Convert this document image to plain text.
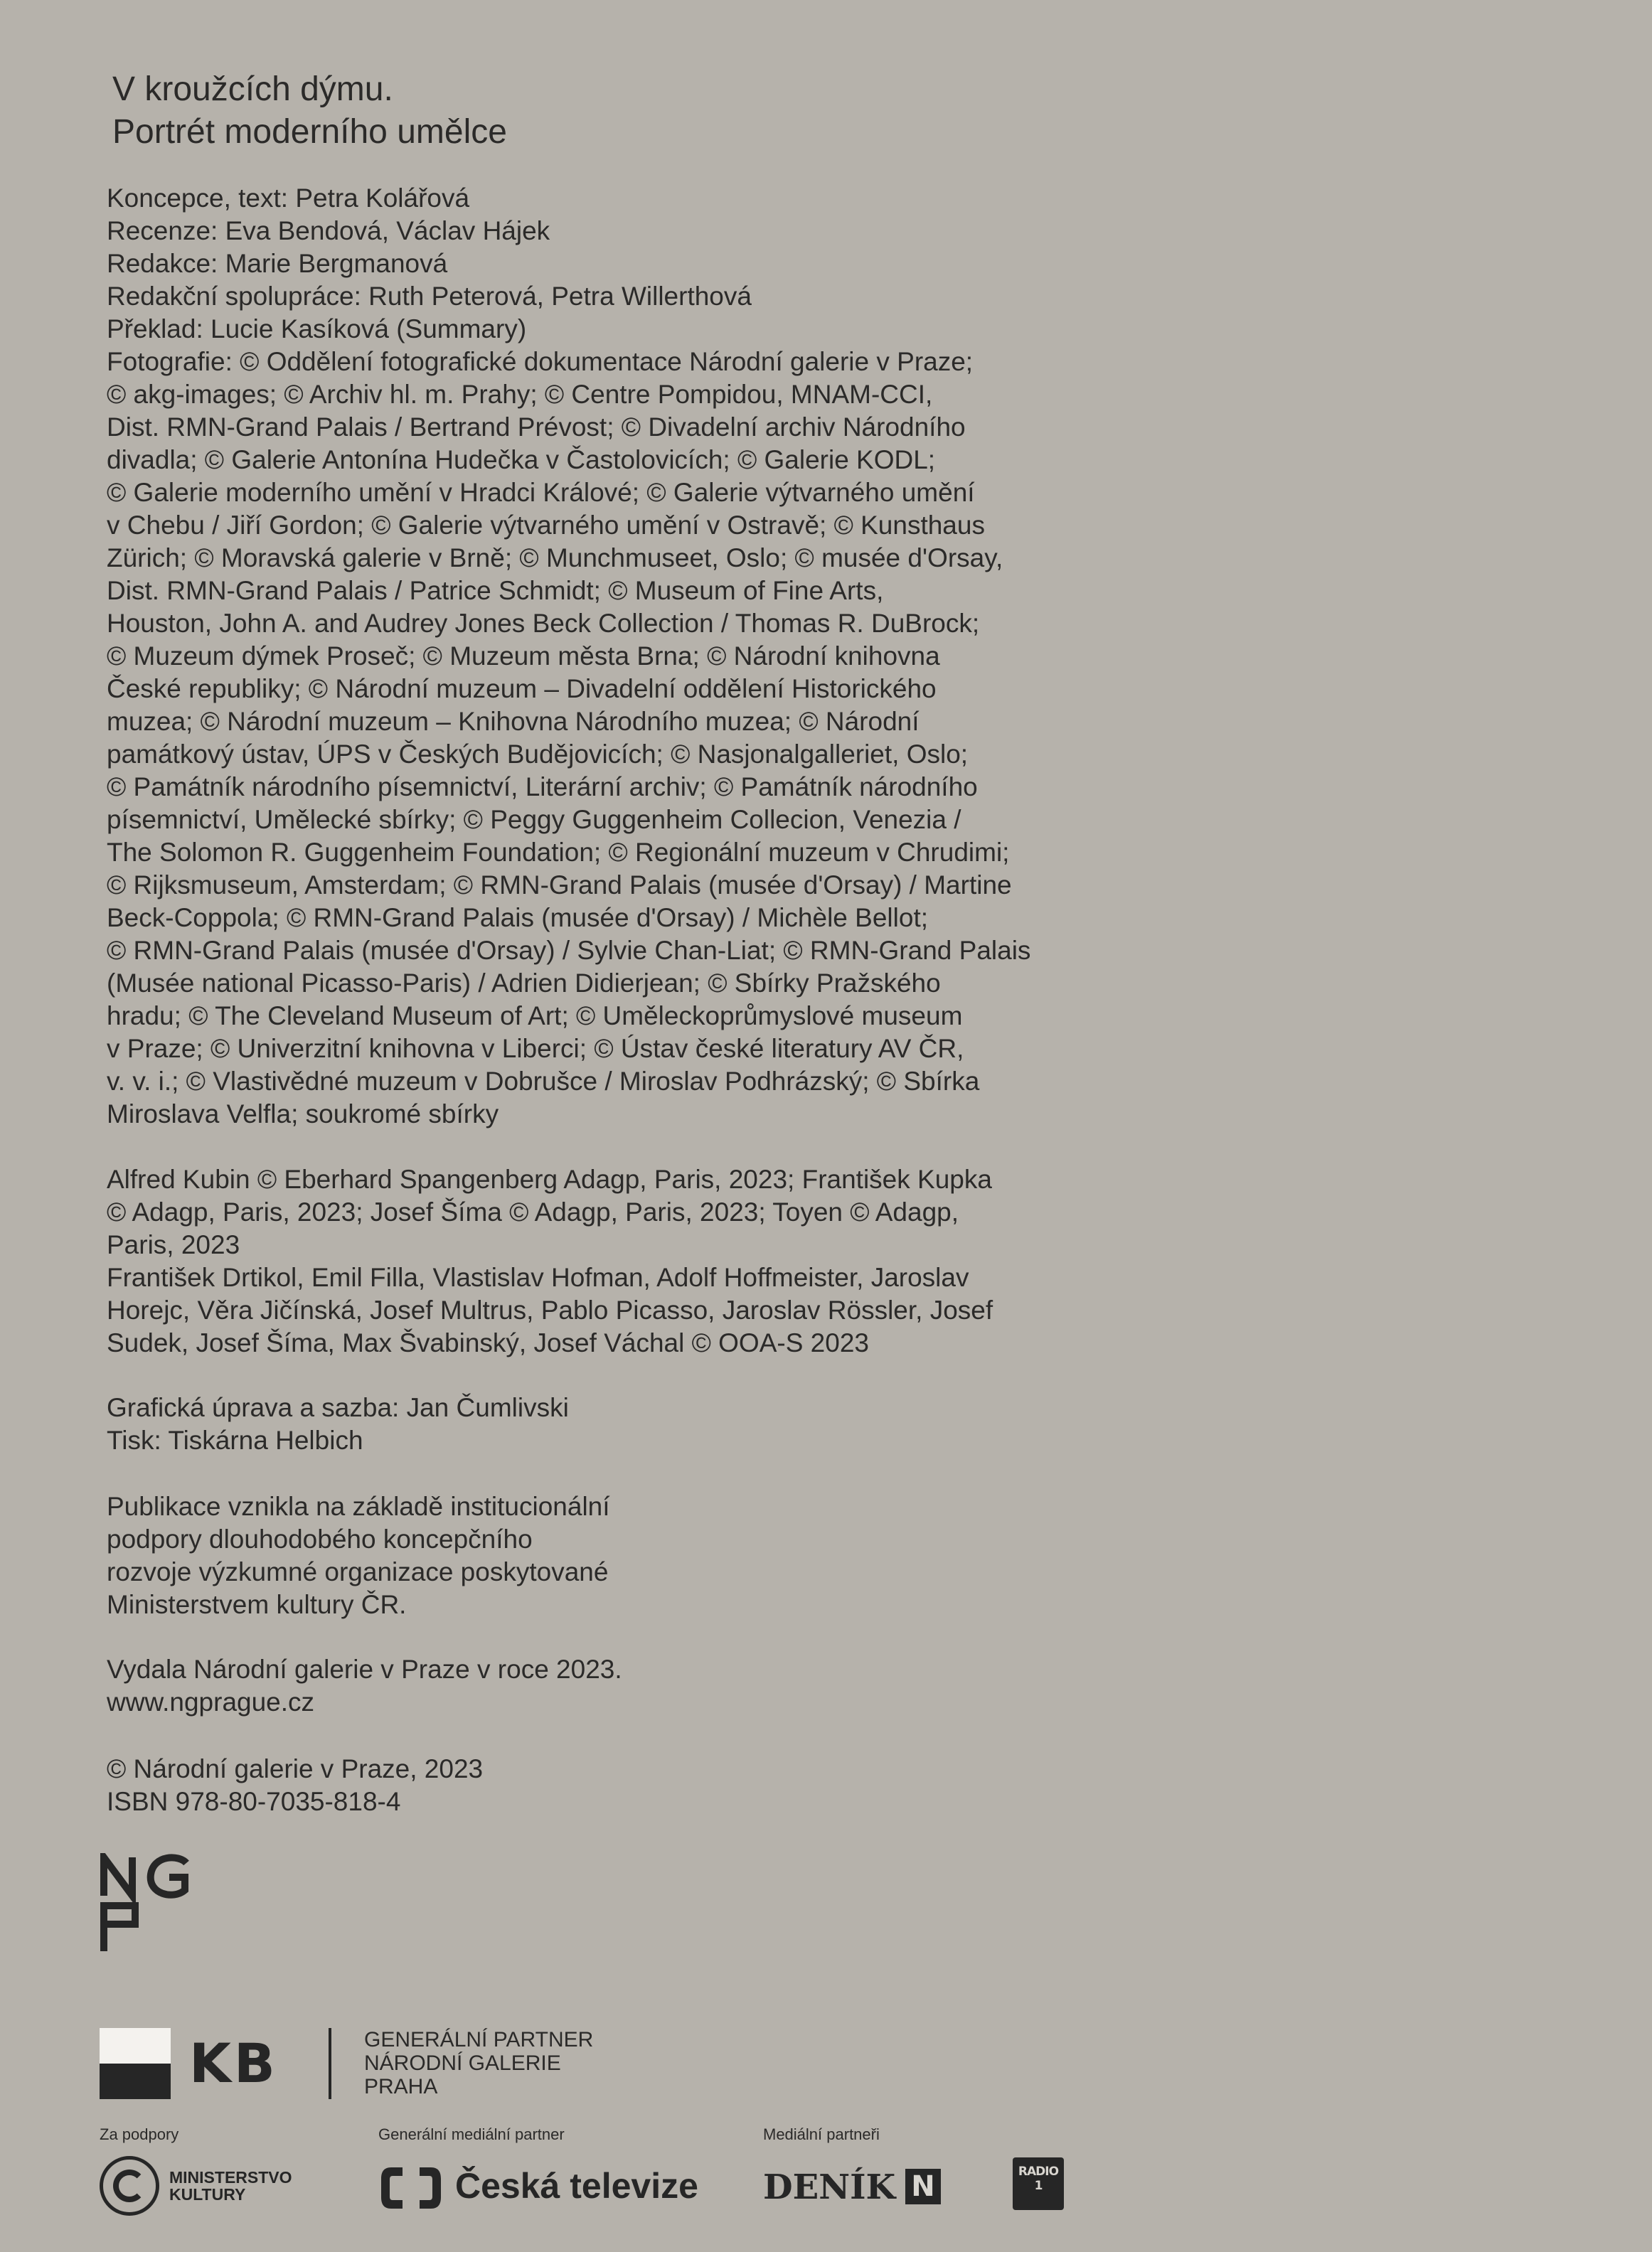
V kroužcích dýmu.
Portrét moderního umělce
Koncepce, text: Petra Kolářová
Recenze: Eva Bendová, Václav Hájek
Redakce: Marie Bergmanová
Redakční spolupráce: Ruth Peterová, Petra Willerthová
Překlad: Lucie Kasíková (Summary)
Fotografie: © Oddělení fotografické dokumentace Národní galerie v Praze;
© akg-images; © Archiv hl. m. Prahy; © Centre Pompidou, MNAM-CCI,
Dist. RMN-Grand Palais / Bertrand Prévost; © Divadelní archiv Národního
divadla; © Galerie Antonína Hudečka v Častolovicích; © Galerie KODL;
© Galerie moderního umění v Hradci Králové; © Galerie výtvarného umění
v Chebu / Jiří Gordon; © Galerie výtvarného umění v Ostravě; © Kunsthaus
Zürich; © Moravská galerie v Brně; © Munchmuseet, Oslo; © musée d'Orsay,
Dist. RMN-Grand Palais / Patrice Schmidt; © Museum of Fine Arts,
Houston, John A. and Audrey Jones Beck Collection / Thomas R. DuBrock;
© Muzeum dýmek Proseč; © Muzeum města Brna; © Národní knihovna
České republiky; © Národní muzeum – Divadelní oddělení Historického
muzea; © Národní muzeum – Knihovna Národního muzea; © Národní
památkový ústav, ÚPS v Českých Budějovicích; © Nasjonalgalleriet, Oslo;
© Památník národního písemnictví, Literární archiv; © Památník národního
písemnictví, Umělecké sbírky; © Peggy Guggenheim Collecion, Venezia /
The Solomon R. Guggenheim Foundation; © Regionální muzeum v Chrudimi;
© Rijksmuseum, Amsterdam; © RMN-Grand Palais (musée d'Orsay) / Martine
Beck-Coppola; © RMN-Grand Palais (musée d'Orsay) / Michèle Bellot;
© RMN-Grand Palais (musée d'Orsay) / Sylvie Chan-Liat; © RMN-Grand Palais
(Musée national Picasso-Paris) / Adrien Didierjean; © Sbírky Pražského
hradu; © The Cleveland Museum of Art; © Uměleckoprůmyslové museum
v Praze; © Univerzitní knihovna v Liberci; © Ústav české literatury AV ČR,
v. v. i.; © Vlastivědné muzeum v Dobrušce / Miroslav Podhrázský; © Sbírka
Miroslava Velfla; soukromé sbírky
Alfred Kubin © Eberhard Spangenberg Adagp, Paris, 2023; František Kupka
© Adagp, Paris, 2023; Josef Šíma © Adagp, Paris, 2023; Toyen © Adagp,
Paris, 2023
František Drtikol, Emil Filla, Vlastislav Hofman, Adolf Hoffmeister, Jaroslav
Horejc, Věra Jičínská, Josef Multrus, Pablo Picasso, Jaroslav Rössler, Josef
Sudek, Josef Šíma, Max Švabinský, Josef Váchal © OOA-S 2023
Grafická úprava a sazba: Jan Čumlivski
Tisk: Tiskárna Helbich
Publikace vznikla na základě institucionální
podpory dlouhodobého koncepčního
rozvoje výzkumné organizace poskytované
Ministerstvem kultury ČR.
Vydala Národní galerie v Praze v roce 2023.
www.ngprague.cz
© Národní galerie v Praze, 2023
ISBN 978-80-7035-818-4
KB	GENERÁLNÍ PARTNER
NÁRODNÍ GALERIE
PRAHA
Za podpory	Generální mediální partner	Mediální partneři
MINISTERSTVO
KULTURY	Česká televize DENÍK N	RADIO
1
